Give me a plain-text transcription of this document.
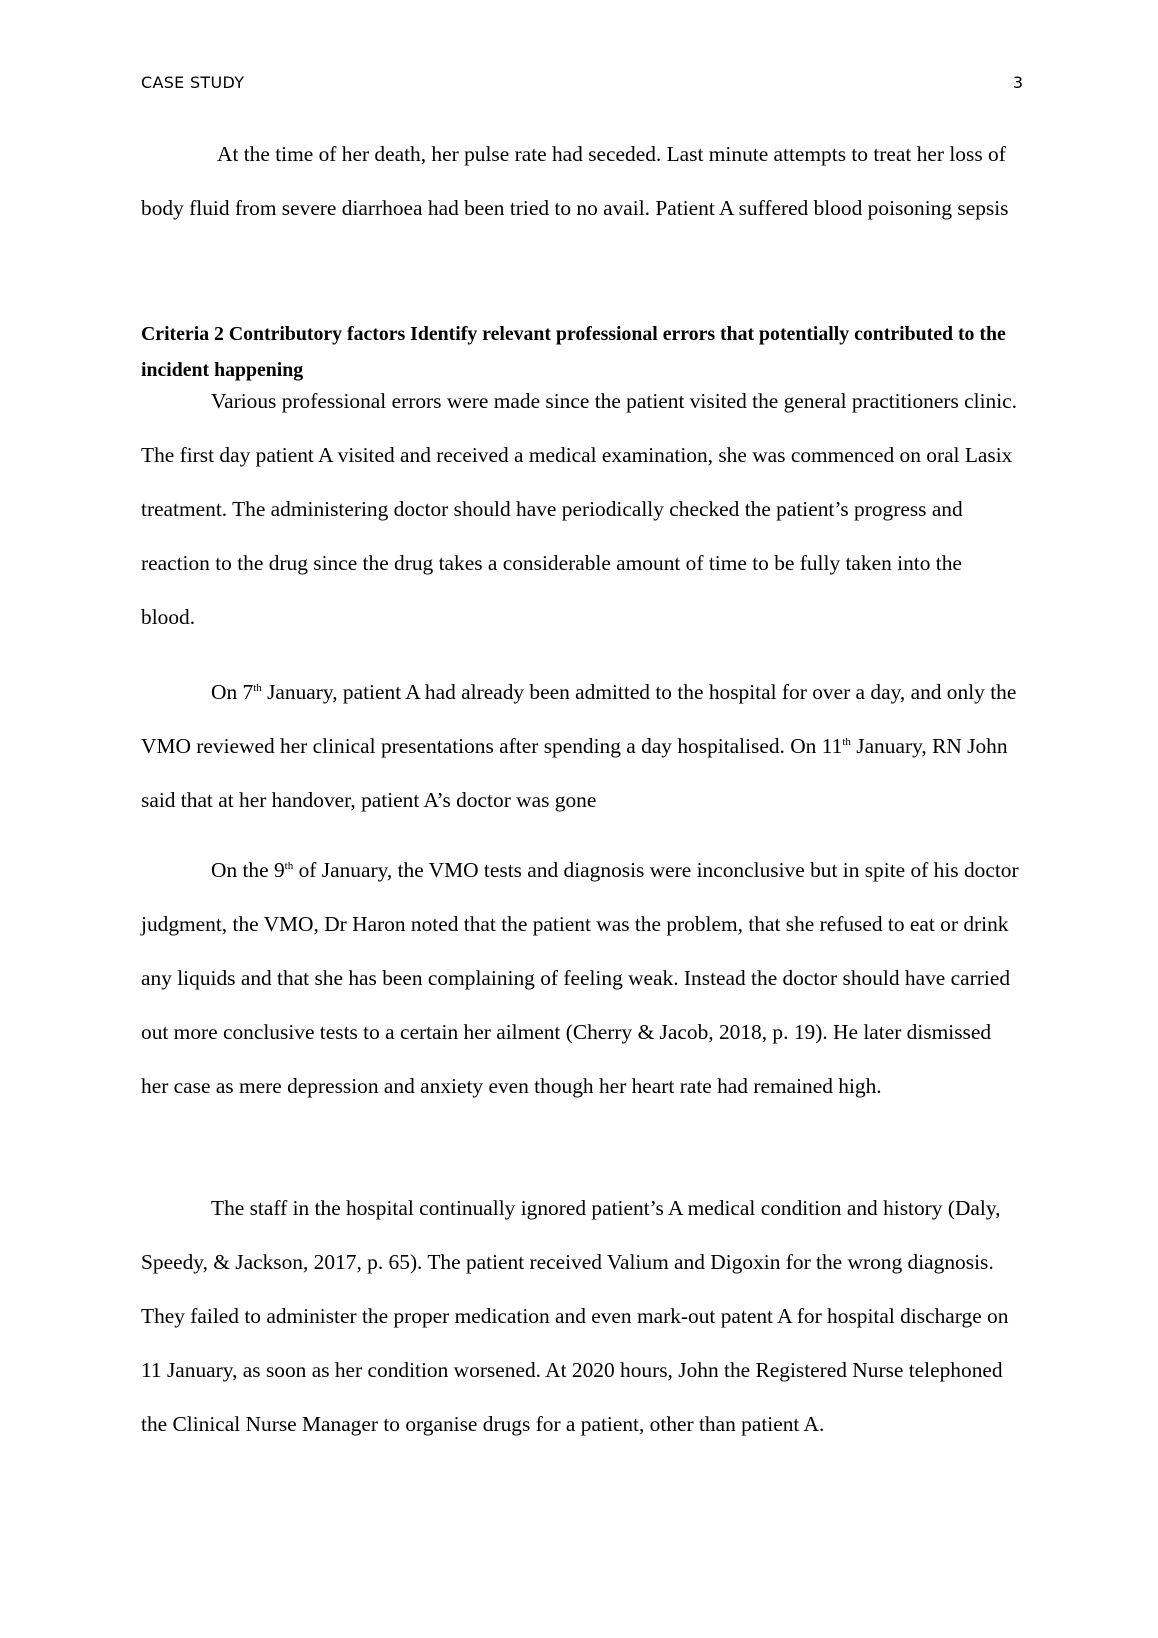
CASE STUDY	3

At the time of her death, her pulse rate had seceded. Last minute attempts to treat her loss of body fluid from severe diarrhoea had been tried to no avail. Patient A suffered blood poisoning sepsis

Criteria 2 Contributory factors Identify relevant professional errors that potentially contributed to the incident happening

Various professional errors were made since the patient visited the general practitioners clinic. The first day patient A visited and received a medical examination, she was commenced on oral Lasix treatment. The administering doctor should have periodically checked the patient’s progress and reaction to the drug since the drug takes a considerable amount of time to be fully taken into the blood.

On 7th January, patient A had already been admitted to the hospital for over a day, and only the VMO reviewed her clinical presentations after spending a day hospitalised. On 11th January, RN John said that at her handover, patient A’s doctor was gone

On the 9th of January, the VMO tests and diagnosis were inconclusive but in spite of his doctor judgment, the VMO, Dr Haron noted that the patient was the problem, that she refused to eat or drink any liquids and that she has been complaining of feeling weak. Instead the doctor should have carried out more conclusive tests to a certain her ailment (Cherry & Jacob, 2018, p. 19). He later dismissed her case as mere depression and anxiety even though her heart rate had remained high.

The staff in the hospital continually ignored patient’s A medical condition and history (Daly, Speedy, & Jackson, 2017, p. 65). The patient received Valium and Digoxin for the wrong diagnosis. They failed to administer the proper medication and even mark-out patent A for hospital discharge on 11 January, as soon as her condition worsened. At 2020 hours, John the Registered Nurse telephoned the Clinical Nurse Manager to organise drugs for a patient, other than patient A.
